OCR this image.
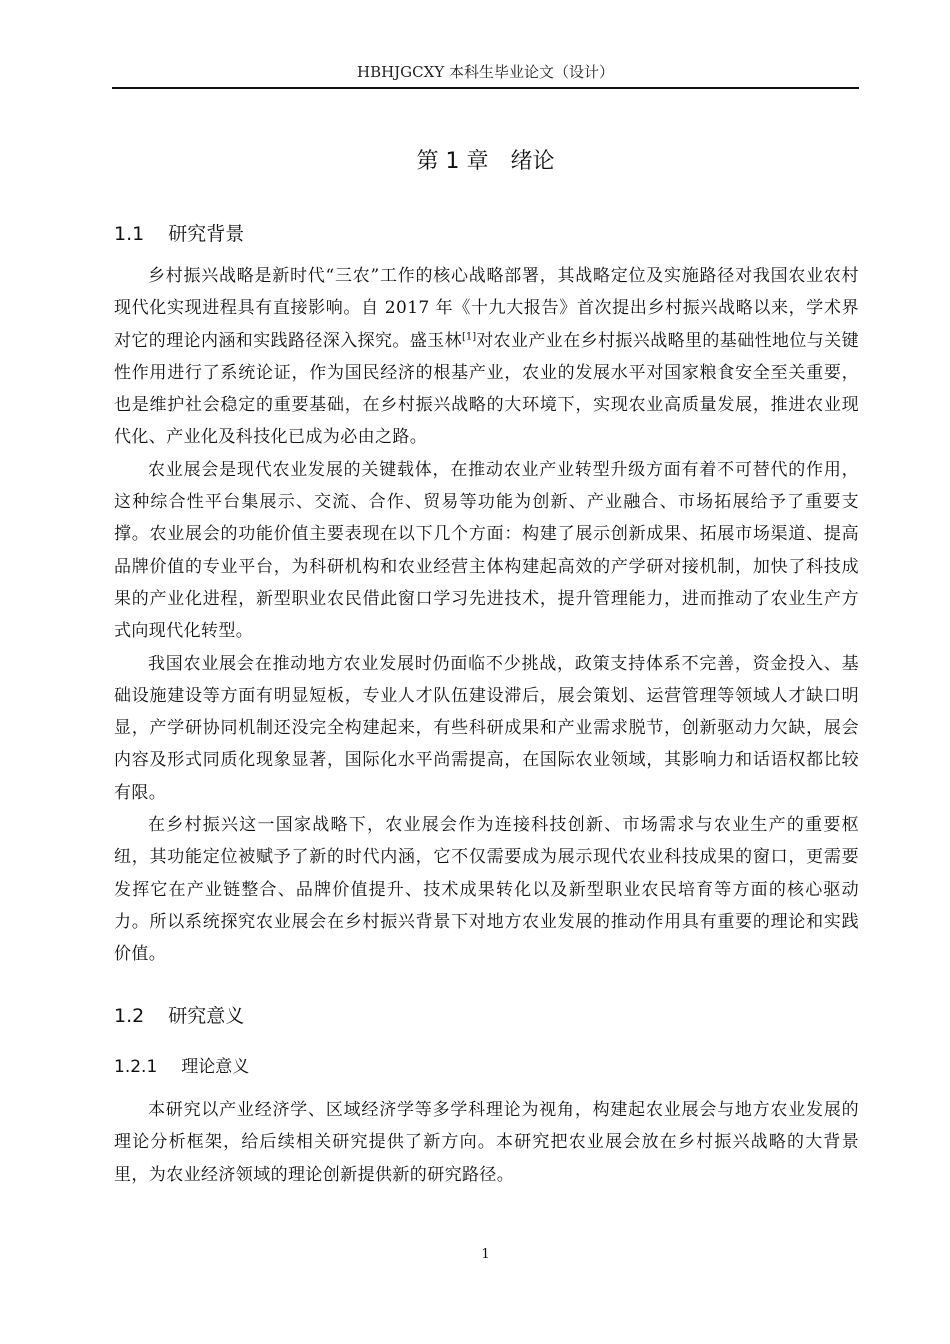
HBHJGCXY 本科生毕业论文（设计）
第 1 章 绪论
1.1 研究背景

乡村振兴战略是新时代“三农”工作的核心战略部署，其战略定位及实施路径对我国农业农村现代化实现进程具有直接影响。自 2017 年《十九大报告》首次提出乡村振兴战略以来，学术界对它的理论内涵和实践路径深入探究。盛玉林[1]对农业产业在乡村振兴战略里的基础性地位与关键性作用进行了系统论证，作为国民经济的根基产业，农业的发展水平对国家粮食安全至关重要，也是维护社会稳定的重要基础，在乡村振兴战略的大环境下，实现农业高质量发展，推进农业现代化、产业化及科技化已成为必由之路。

农业展会是现代农业发展的关键载体，在推动农业产业转型升级方面有着不可替代的作用，这种综合性平台集展示、交流、合作、贸易等功能为创新、产业融合、市场拓展给予了重要支撑。农业展会的功能价值主要表现在以下几个方面：构建了展示创新成果、拓展市场渠道、提高品牌价值的专业平台，为科研机构和农业经营主体构建起高效的产学研对接机制，加快了科技成果的产业化进程，新型职业农民借此窗口学习先进技术，提升管理能力，进而推动了农业生产方式向现代化转型。

我国农业展会在推动地方农业发展时仍面临不少挑战，政策支持体系不完善，资金投入、基础设施建设等方面有明显短板，专业人才队伍建设滞后，展会策划、运营管理等领域人才缺口明显，产学研协同机制还没完全构建起来，有些科研成果和产业需求脱节，创新驱动力欠缺，展会内容及形式同质化现象显著，国际化水平尚需提高，在国际农业领域，其影响力和话语权都比较有限。

在乡村振兴这一国家战略下，农业展会作为连接科技创新、市场需求与农业生产的重要枢纽，其功能定位被赋予了新的时代内涵，它不仅需要成为展示现代农业科技成果的窗口，更需要发挥它在产业链整合、品牌价值提升、技术成果转化以及新型职业农民培育等方面的核心驱动力。所以系统探究农业展会在乡村振兴背景下对地方农业发展的推动作用具有重要的理论和实践价值。

1.2 研究意义
1.2.1 理论意义

本研究以产业经济学、区域经济学等多学科理论为视角，构建起农业展会与地方农业发展的理论分析框架，给后续相关研究提供了新方向。本研究把农业展会放在乡村振兴战略的大背景里，为农业经济领域的理论创新提供新的研究路径。

1
